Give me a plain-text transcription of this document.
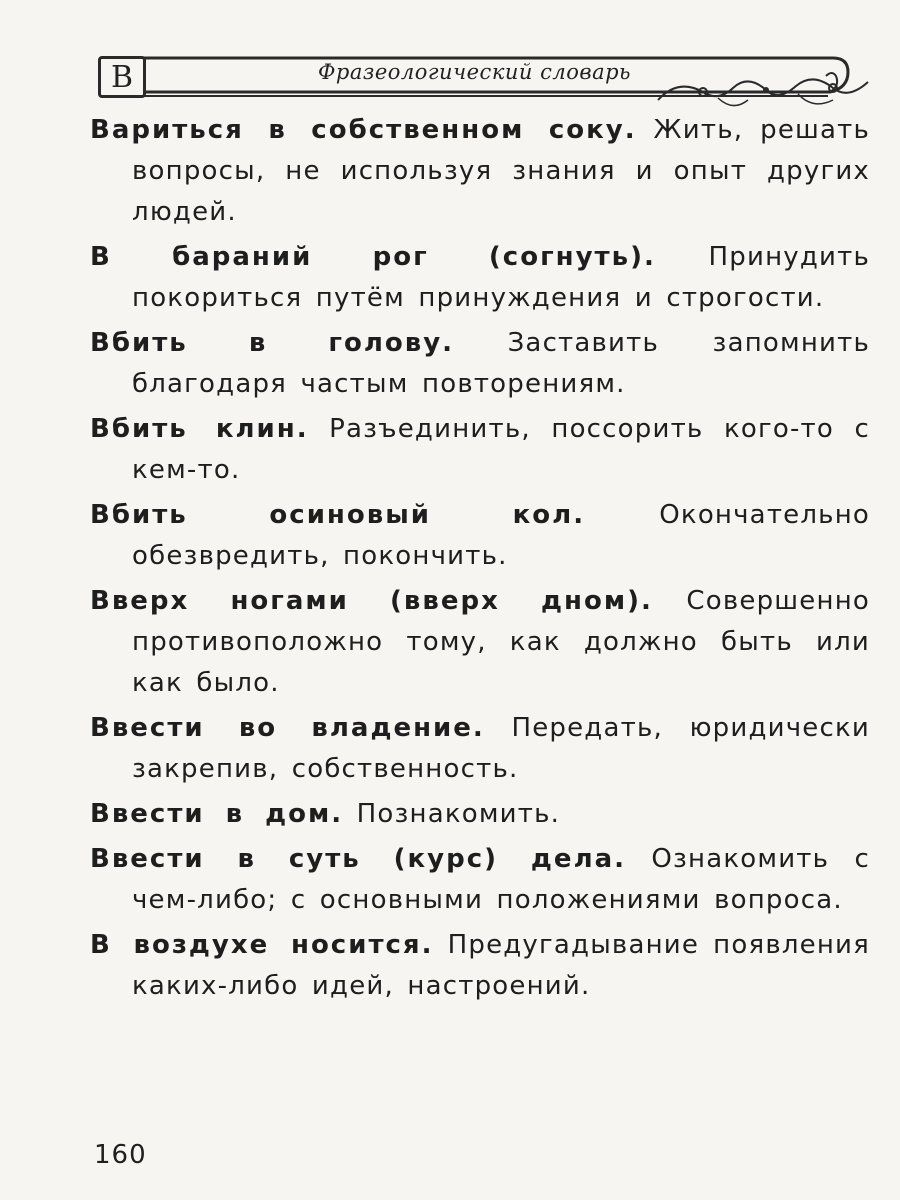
В	Фразеологический словарь

Вариться в собственном соку. Жить, решать вопросы, не используя знания и опыт других людей.

В бараний рог (согнуть). Принудить покориться путём принуждения и строгости.

Вбить в голову. Заставить запомнить благодаря частым повторениям.

Вбить клин. Разъединить, поссорить кого-то с кем-то.

Вбить осиновый кол.	Окончательно обезвредить, покончить.

Вверх ногами (вверх дном). Совершенно противоположно тому, как должно быть или как было.

Ввести во владение. Передать, юридически закрепив, собственность.

Ввести в дом. Познакомить.

Ввести в суть (курс) дела. Ознакомить с чем-либо; с основными положениями вопроса.

В воздухе носится. Предугадывание появления каких-либо идей, настроений.

160
